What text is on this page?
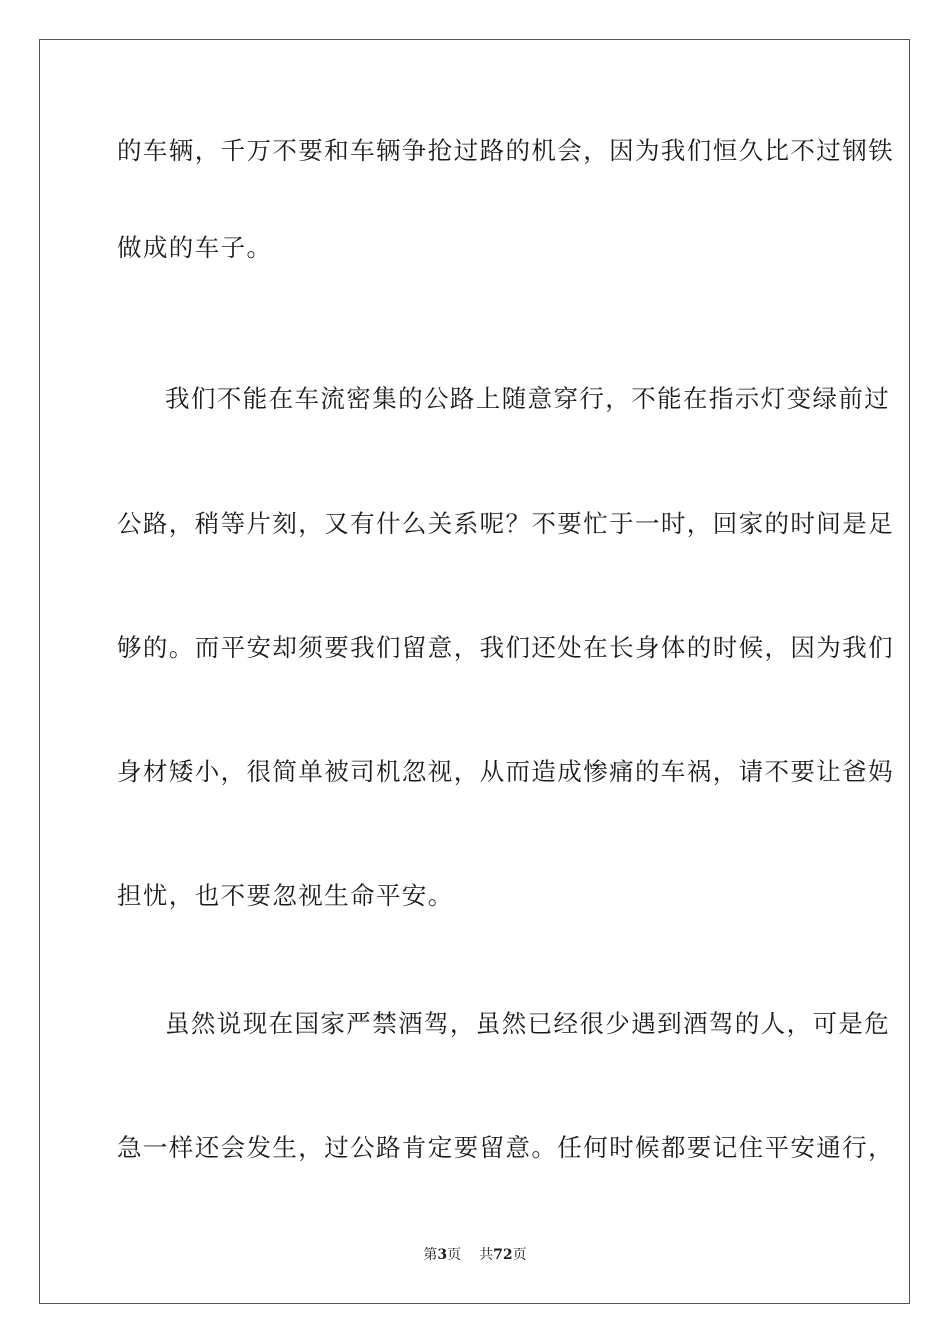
的车辆，千万不要和车辆争抢过路的机会，因为我们恒久比不过钢铁
做成的车子。
我们不能在车流密集的公路上随意穿行，不能在指示灯变绿前过
公路，稍等片刻，又有什么关系呢？不要忙于一时，回家的时间是足
够的。而平安却须要我们留意，我们还处在长身体的时候，因为我们
身材矮小，很简单被司机忽视，从而造成惨痛的车祸，请不要让爸妈
担忧，也不要忽视生命平安。
虽然说现在国家严禁酒驾，虽然已经很少遇到酒驾的人，可是危
急一样还会发生，过公路肯定要留意。任何时候都要记住平安通行，
第3页 共72页
